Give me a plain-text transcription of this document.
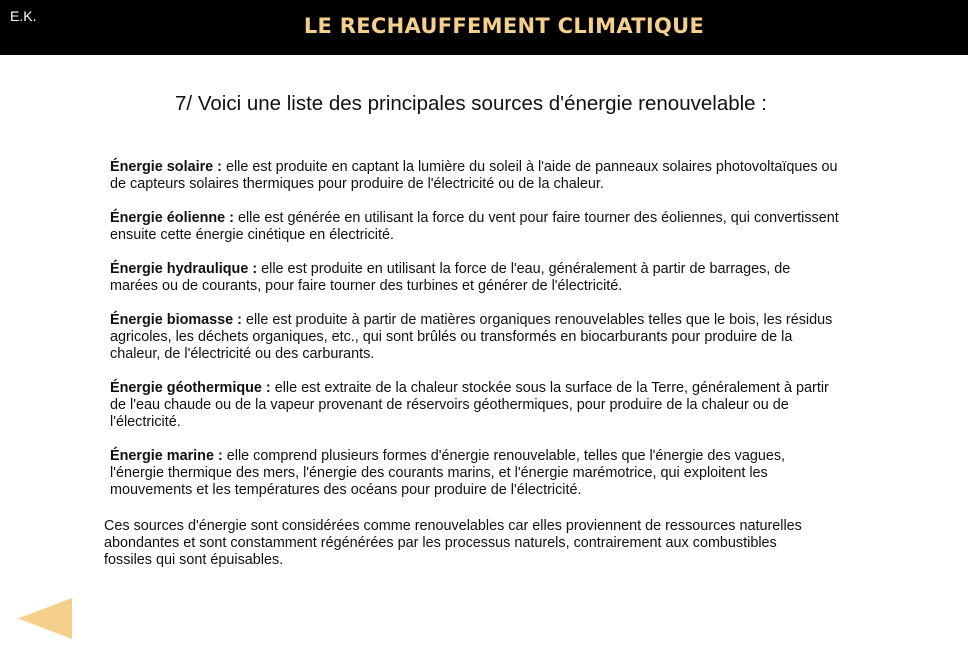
E.K.	LE RECHAUFFEMENT CLIMATIQUE
7/ Voici une liste des principales sources d'énergie renouvelable :

Énergie solaire : elle est produite en captant la lumière du soleil à l'aide de panneaux solaires photovoltaïques ou de capteurs solaires thermiques pour produire de l'électricité ou de la chaleur.

Énergie éolienne : elle est générée en utilisant la force du vent pour faire tourner des éoliennes, qui convertissent ensuite cette énergie cinétique en électricité.

Énergie hydraulique : elle est produite en utilisant la force de l'eau, généralement à partir de barrages, de marées ou de courants, pour faire tourner des turbines et générer de l'électricité.

Énergie biomasse : elle est produite à partir de matières organiques renouvelables telles que le bois, les résidus agricoles, les déchets organiques, etc., qui sont brûlés ou transformés en biocarburants pour produire de la chaleur, de l'électricité ou des carburants.

Énergie géothermique : elle est extraite de la chaleur stockée sous la surface de la Terre, généralement à partir de l'eau chaude ou de la vapeur provenant de réservoirs géothermiques, pour produire de la chaleur ou de l'électricité.

Énergie marine : elle comprend plusieurs formes d'énergie renouvelable, telles que l'énergie des vagues, l'énergie thermique des mers, l'énergie des courants marins, et l'énergie marémotrice, qui exploitent les mouvements et les températures des océans pour produire de l'électricité.

Ces sources d'énergie sont considérées comme renouvelables car elles proviennent de ressources naturelles abondantes et sont constamment régénérées par les processus naturels, contrairement aux combustibles fossiles qui sont épuisables.
